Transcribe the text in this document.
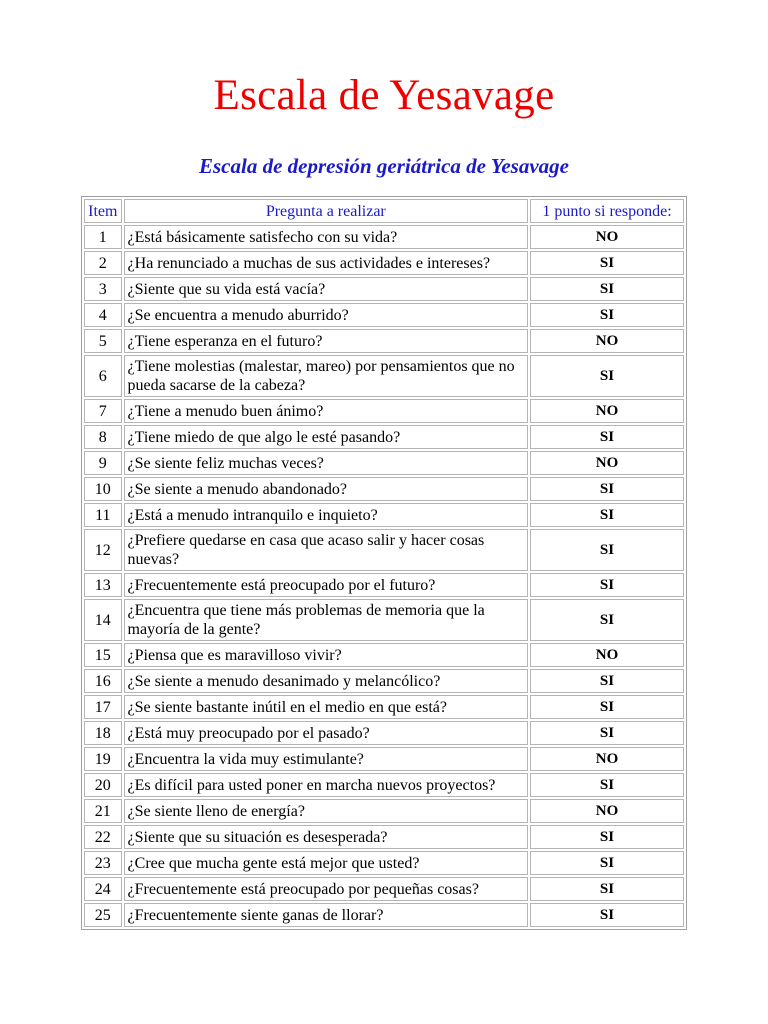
Escala de Yesavage
Escala de depresión geriátrica de Yesavage
Item	Pregunta a realizar	1 punto si responde:
1	¿Está básicamente satisfecho con su vida?	NO
2	¿Ha renunciado a muchas de sus actividades e intereses?	SI
3	¿Siente que su vida está vacía?	SI
4	¿Se encuentra a menudo aburrido?	SI
5	¿Tiene esperanza en el futuro?	NO
6	¿Tiene molestias (malestar, mareo) por pensamientos que no pueda sacarse de la cabeza?	SI
7	¿Tiene a menudo buen ánimo?	NO
8	¿Tiene miedo de que algo le esté pasando?	SI
9	¿Se siente feliz muchas veces?	NO
10	¿Se siente a menudo abandonado?	SI
11	¿Está a menudo intranquilo e inquieto?	SI
12	¿Prefiere quedarse en casa que acaso salir y hacer cosas nuevas?	SI
13	¿Frecuentemente está preocupado por el futuro?	SI
14	¿Encuentra que tiene más problemas de memoria que la mayoría de la gente?	SI
15	¿Piensa que es maravilloso vivir?	NO
16	¿Se siente a menudo desanimado y melancólico?	SI
17	¿Se siente bastante inútil en el medio en que está?	SI
18	¿Está muy preocupado por el pasado?	SI
19	¿Encuentra la vida muy estimulante?	NO
20	¿Es difícil para usted poner en marcha nuevos proyectos?	SI
21	¿Se siente lleno de energía?	NO
22	¿Siente que su situación es desesperada?	SI
23	¿Cree que mucha gente está mejor que usted?	SI
24	¿Frecuentemente está preocupado por pequeñas cosas?	SI
25	¿Frecuentemente siente ganas de llorar?	SI
